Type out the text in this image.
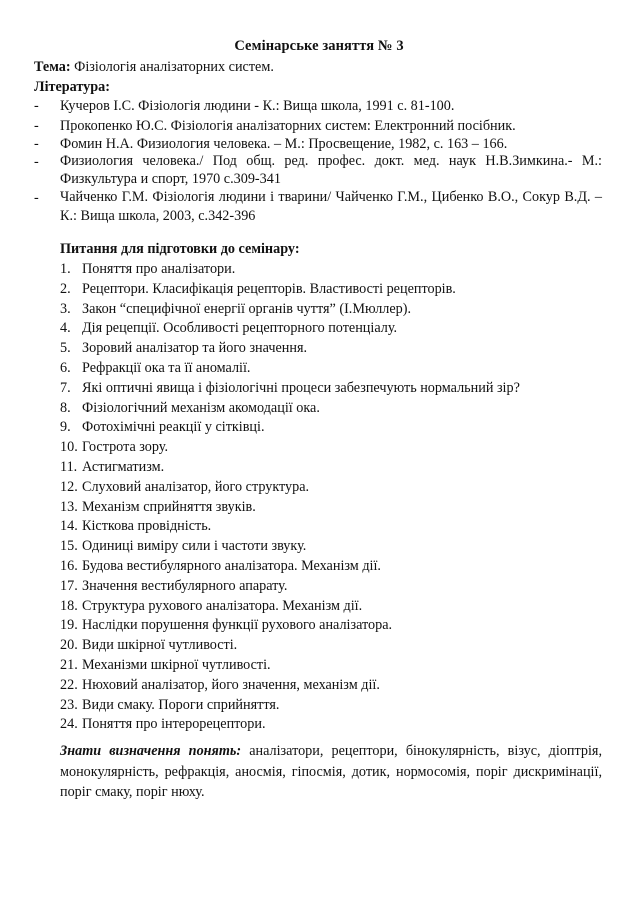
Семінарське заняття № 3
Тема: Фізіологія аналізаторних систем.
Література:
-	Кучеров І.С. Фізіологія людини - К.: Вища школа, 1991 с. 81-100.
-	Прокопенко Ю.С. Фізіологія аналізаторних систем: Електронний посібник.
-	Фомин Н.А. Физиология человека. – М.: Просвещение, 1982, с. 163 – 166.
-	Физиология человека./ Под общ. ред. профес. докт. мед. наук Н.В.Зимкина.- М.: Физкультура и спорт, 1970 с.309-341
-	Чайченко Г.М. Фізіологія людини і тварини/ Чайченко Г.М., Цибенко В.О., Сокур В.Д. – К.: Вища школа, 2003, с.342-396
Питання для підготовки до семінару:
1. Поняття про аналізатори.
2. Рецептори. Класифікація рецепторів. Властивості рецепторів.
3. Закон “специфічної енергії органів чуття” (І.Мюллер).
4. Дія рецепції. Особливості рецепторного потенціалу.
5. Зоровий аналізатор та його значення.
6. Рефракції ока та її аномалії.
7. Які оптичні явища і фізіологічні процеси забезпечують нормальний зір?
8. Фізіологічний механізм акомодації ока.
9. Фотохімічні реакції у сітківці.
10. Гострота зору.
11. Астигматизм.
12. Слуховий аналізатор, його структура.
13. Механізм сприйняття звуків.
14. Кісткова провідність.
15. Одиниці виміру сили і частоти звуку.
16. Будова вестибулярного аналізатора. Механізм дії.
17. Значення вестибулярного апарату.
18. Структура рухового аналізатора. Механізм дії.
19. Наслідки порушення функції рухового аналізатора.
20. Види шкірної чутливості.
21. Механізми шкірної чутливості.
22. Нюховий аналізатор, його значення, механізм дії.
23. Види смаку. Пороги сприйняття.
24. Поняття про інтерорецептори.
Знати визначення понять: аналізатори, рецептори, бінокулярність, візус, діоптрія, монокулярність, рефракція, аносмія, гіпосмія, дотик, нормосомія, поріг дискримінації, поріг смаку, поріг нюху.
